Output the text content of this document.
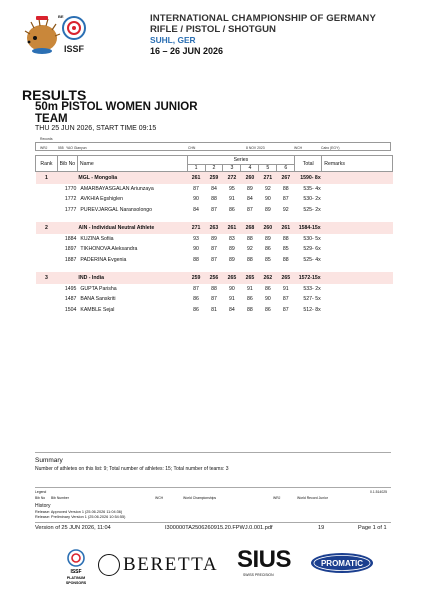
ISSF
BE	INTERNATIONAL CHAMPIONSHIP OF GERMANY
RIFLE / PISTOL / SHOTGUN
SUHL, GER
16 – 26 JUN 2026
RESULTS
50m PISTOL WOMEN JUNIOR
TEAM
THU 25 JUN 2026, START TIME 09:15
Records
WRJ	555 YAO Gianyun	CHN	8 NOV 2023	WCH	Cairo (EGY)
Rank	Bib No	Name	Series						Total	Remarks
			1	2	3	4	5	6		
1		MGL - Mongolia	261	259	272	260	271	267	1590- 8x	
	1770	AMARBAYASGALAN Ariunzaya	87	84	95	89	92	88	535- 4x	
	1772	AVKHIA Egshiglen	90	88	91	84	90	87	530- 2x	
	1777	PUREVJARGAL Naransolongo	84	87	86	87	89	92	525- 2x	

2		AIN - Individual Neutral Athlete	271	263	261	268	260	261	1584-15x	
	1884	KUZINA Sofiia	93	89	83	88	89	88	530- 5x	
	1897	TIKHONOVA Aleksandra	90	87	89	92	86	85	529- 6x	
	1887	PADERINA Evgenia	88	87	89	88	85	88	525- 4x	

3		IND - India	259	256	265	265	262	265	1572-15x	
	1495	GUPTA Parisha	87	88	90	91	86	91	533- 2x	
	1487	BANA Sanskriti	86	87	91	86	90	87	527- 5x	
	1504	KAMBLE Sejal	86	81	84	88	86	87	512- 8x	

Summary
Number of athletes on this list: 9; Total number of athletes: 15; Total number of teams: 3
Legend	0.1.514025
Bib No Bib Number	WCH	World Championships	WRJ	World Record Junior
History
Release: Approved Version 1 (25.06.2026 11:04:36)
Release: Preliminary Version 1 (25.06.2026 10:54:55)
Version of 25 JUN 2026, 11:04	I300000TA2506260915.20.FPWJ.0.001.pdf	19	Page 1 of 1
ISSF
PLATINUM
SPONSORS
BERETTA SIUS
SWISS PRECISION
PROMATIC
